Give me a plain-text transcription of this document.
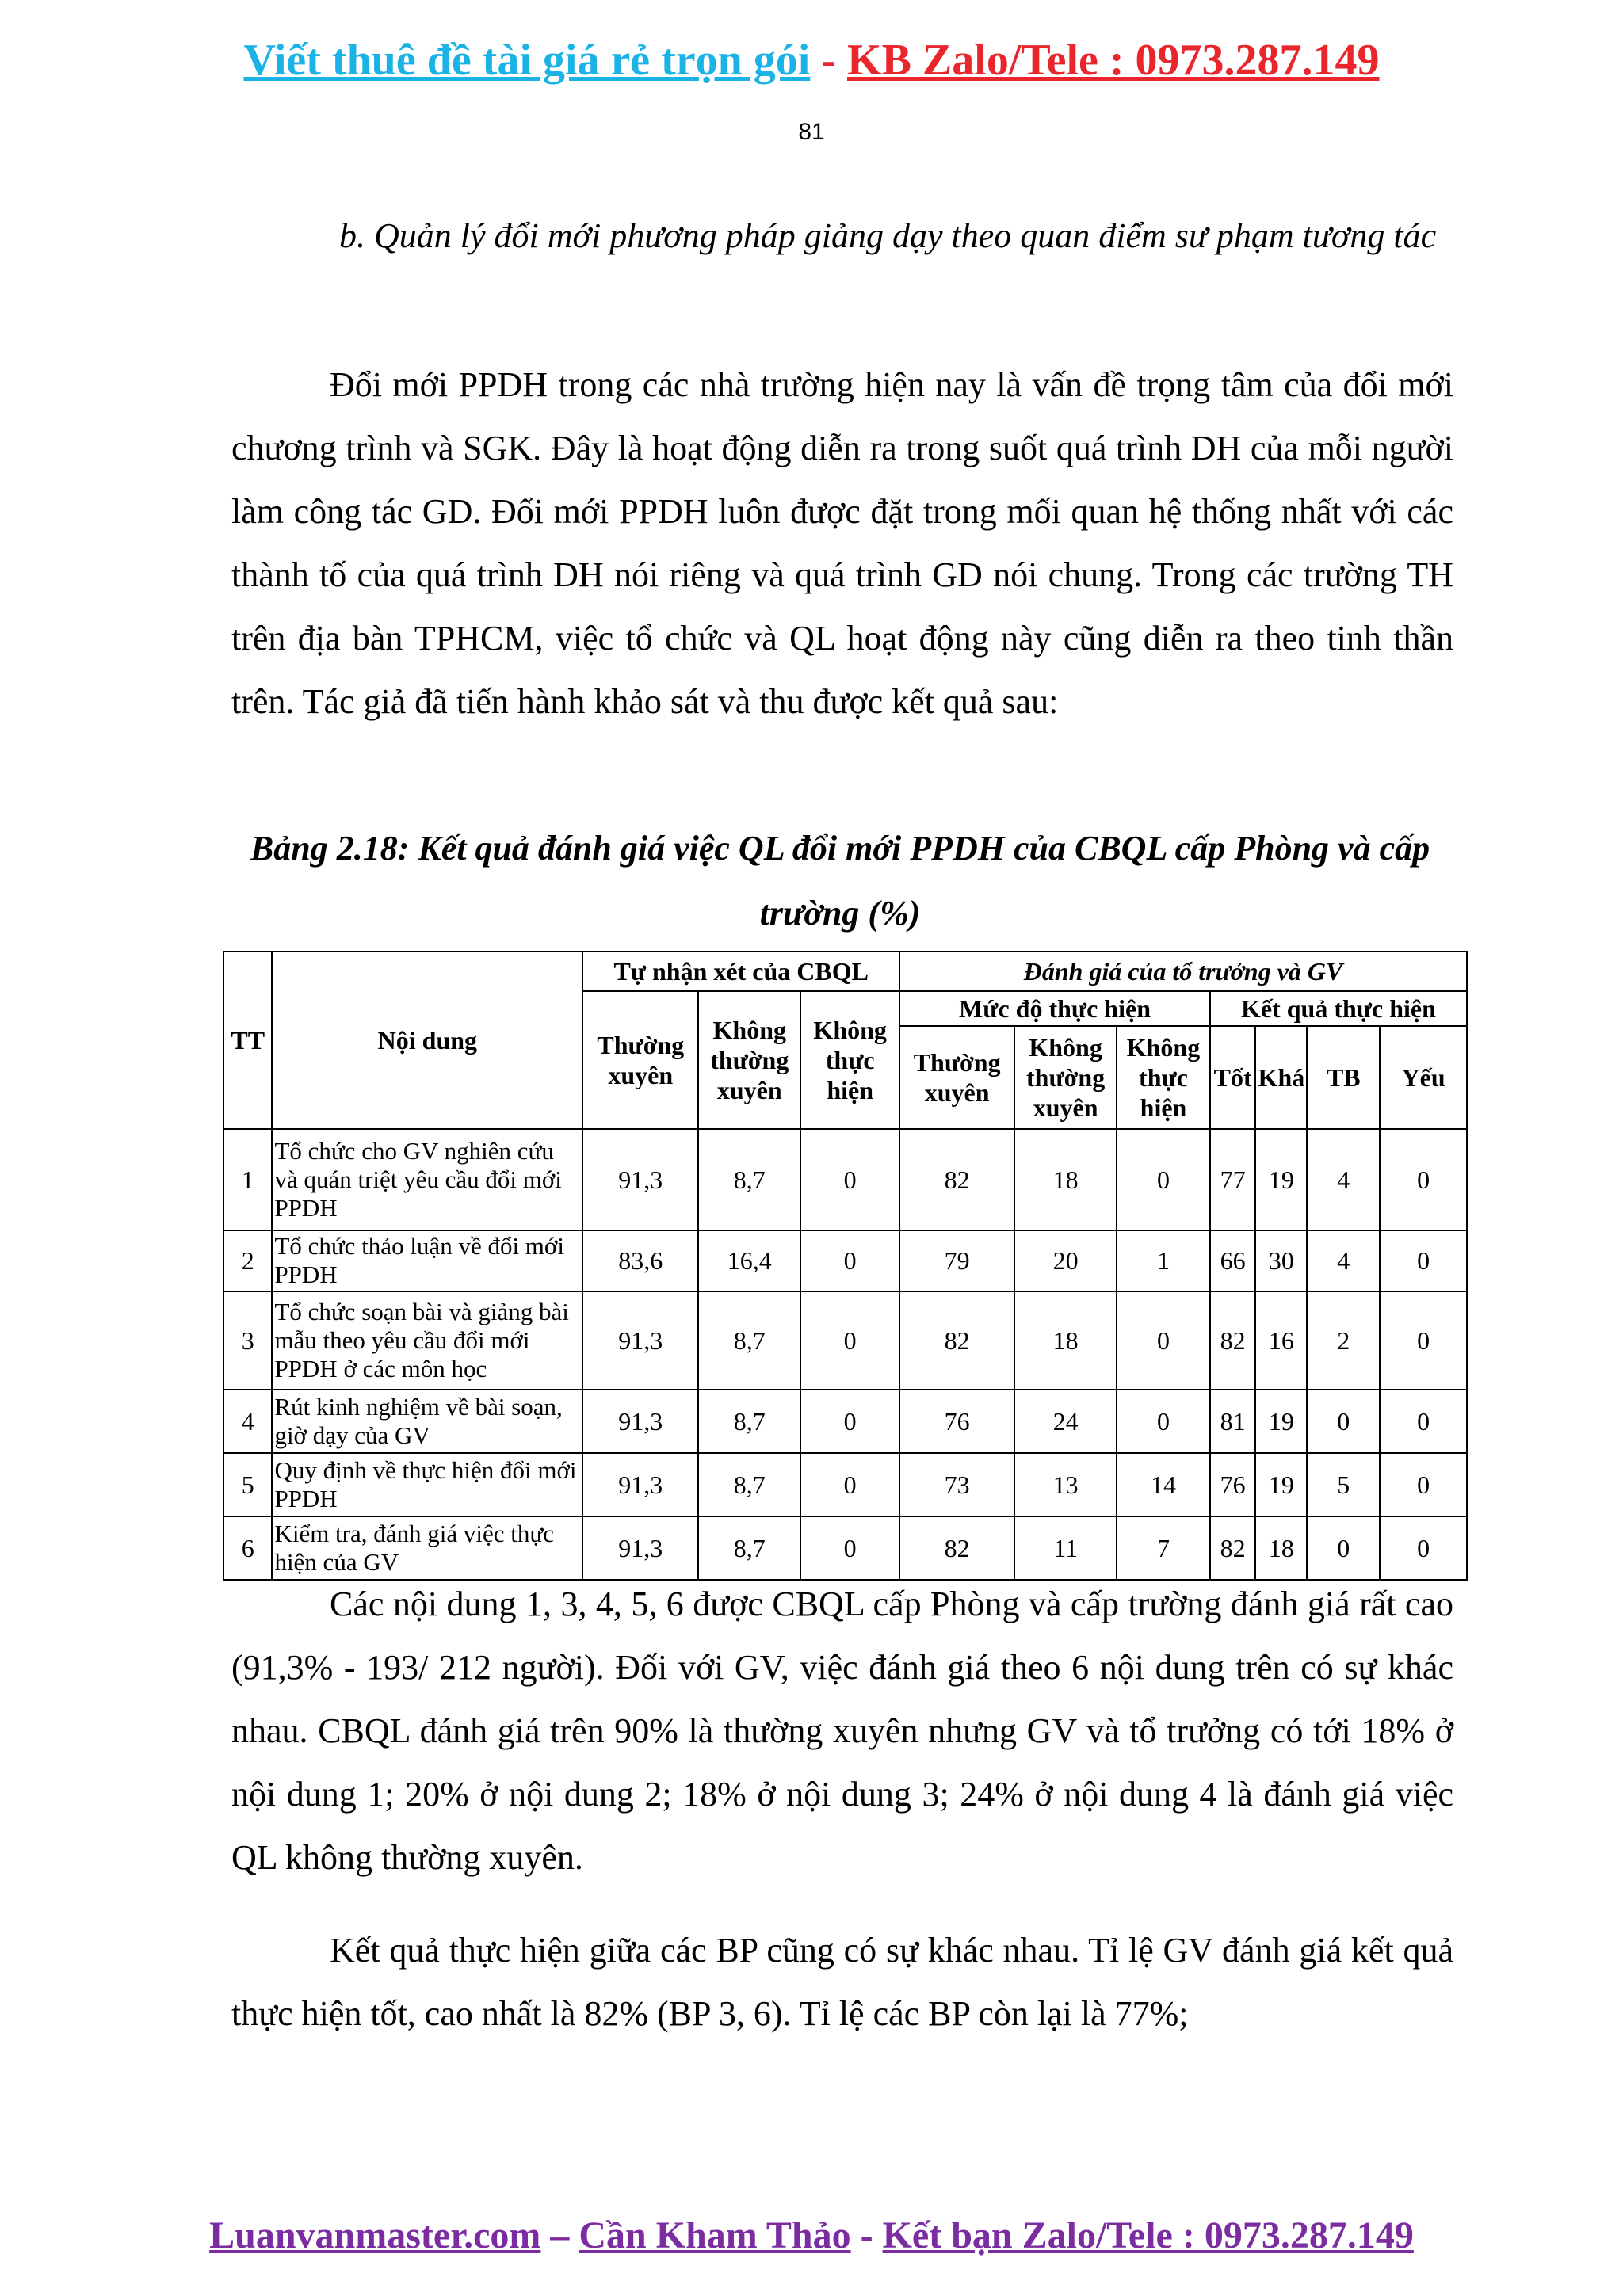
Viết thuê đề tài giá rẻ trọn gói - KB Zalo/Tele : 0973.287.149
81
b. Quản lý đổi mới phương pháp giảng dạy theo quan điểm sư phạm tương tác
Đổi mới PPDH trong các nhà trường hiện nay là vấn đề trọng tâm của đổi mới chương trình và SGK. Đây là hoạt động diễn ra trong suốt quá trình DH của mỗi người làm công tác GD. Đổi mới PPDH luôn được đặt trong mối quan hệ thống nhất với các thành tố của quá trình DH nói riêng và quá trình GD nói chung. Trong các trường TH trên địa bàn TPHCM, việc tổ chức và QL hoạt động này cũng diễn ra theo tinh thần trên. Tác giả đã tiến hành khảo sát và thu được kết quả sau:
Bảng 2.18: Kết quả đánh giá việc QL đổi mới PPDH của CBQL cấp Phòng và cấp trường (%)
TT	Nội dung	Tự nhận xét của CBQL			Đánh giá của tổ trưởng và GV						
		Thường xuyên	Không thường xuyên	Không thực hiện	Mức độ thực hiện			Kết quả thực hiện			
					Thường xuyên	Không thường xuyên	Không thực hiện	Tốt	Khá	TB	Yếu
1	Tổ chức cho GV nghiên cứu và quán triệt yêu cầu đổi mới PPDH	91,3	8,7	0	82	18	0	77	19	4	0
2	Tổ chức thảo luận về đổi mới PPDH	83,6	16,4	0	79	20	1	66	30	4	0
3	Tổ chức soạn bài và giảng bài mẫu theo yêu cầu đổi mới PPDH ở các môn học	91,3	8,7	0	82	18	0	82	16	2	0
4	Rút kinh nghiệm về bài soạn, giờ dạy của GV	91,3	8,7	0	76	24	0	81	19	0	0
5	Quy định về thực hiện đổi mới PPDH	91,3	8,7	0	73	13	14	76	19	5	0
6	Kiểm tra, đánh giá việc thực hiện của GV	91,3	8,7	0	82	11	7	82	18	0	0
Các nội dung 1, 3, 4, 5, 6 được CBQL cấp Phòng và cấp trường đánh giá rất cao (91,3% - 193/ 212 người). Đối với GV, việc đánh giá theo 6 nội dung trên có sự khác nhau. CBQL đánh giá trên 90% là thường xuyên nhưng GV và tổ trưởng có tới 18% ở nội dung 1; 20% ở nội dung 2; 18% ở nội dung 3; 24% ở nội dung 4 là đánh giá việc QL không thường xuyên.
Kết quả thực hiện giữa các BP cũng có sự khác nhau. Tỉ lệ GV đánh giá kết quả thực hiện tốt, cao nhất là 82% (BP 3, 6). Tỉ lệ các BP còn lại là 77%;
Luanvanmaster.com – Cần Kham Thảo - Kết bạn Zalo/Tele : 0973.287.149
